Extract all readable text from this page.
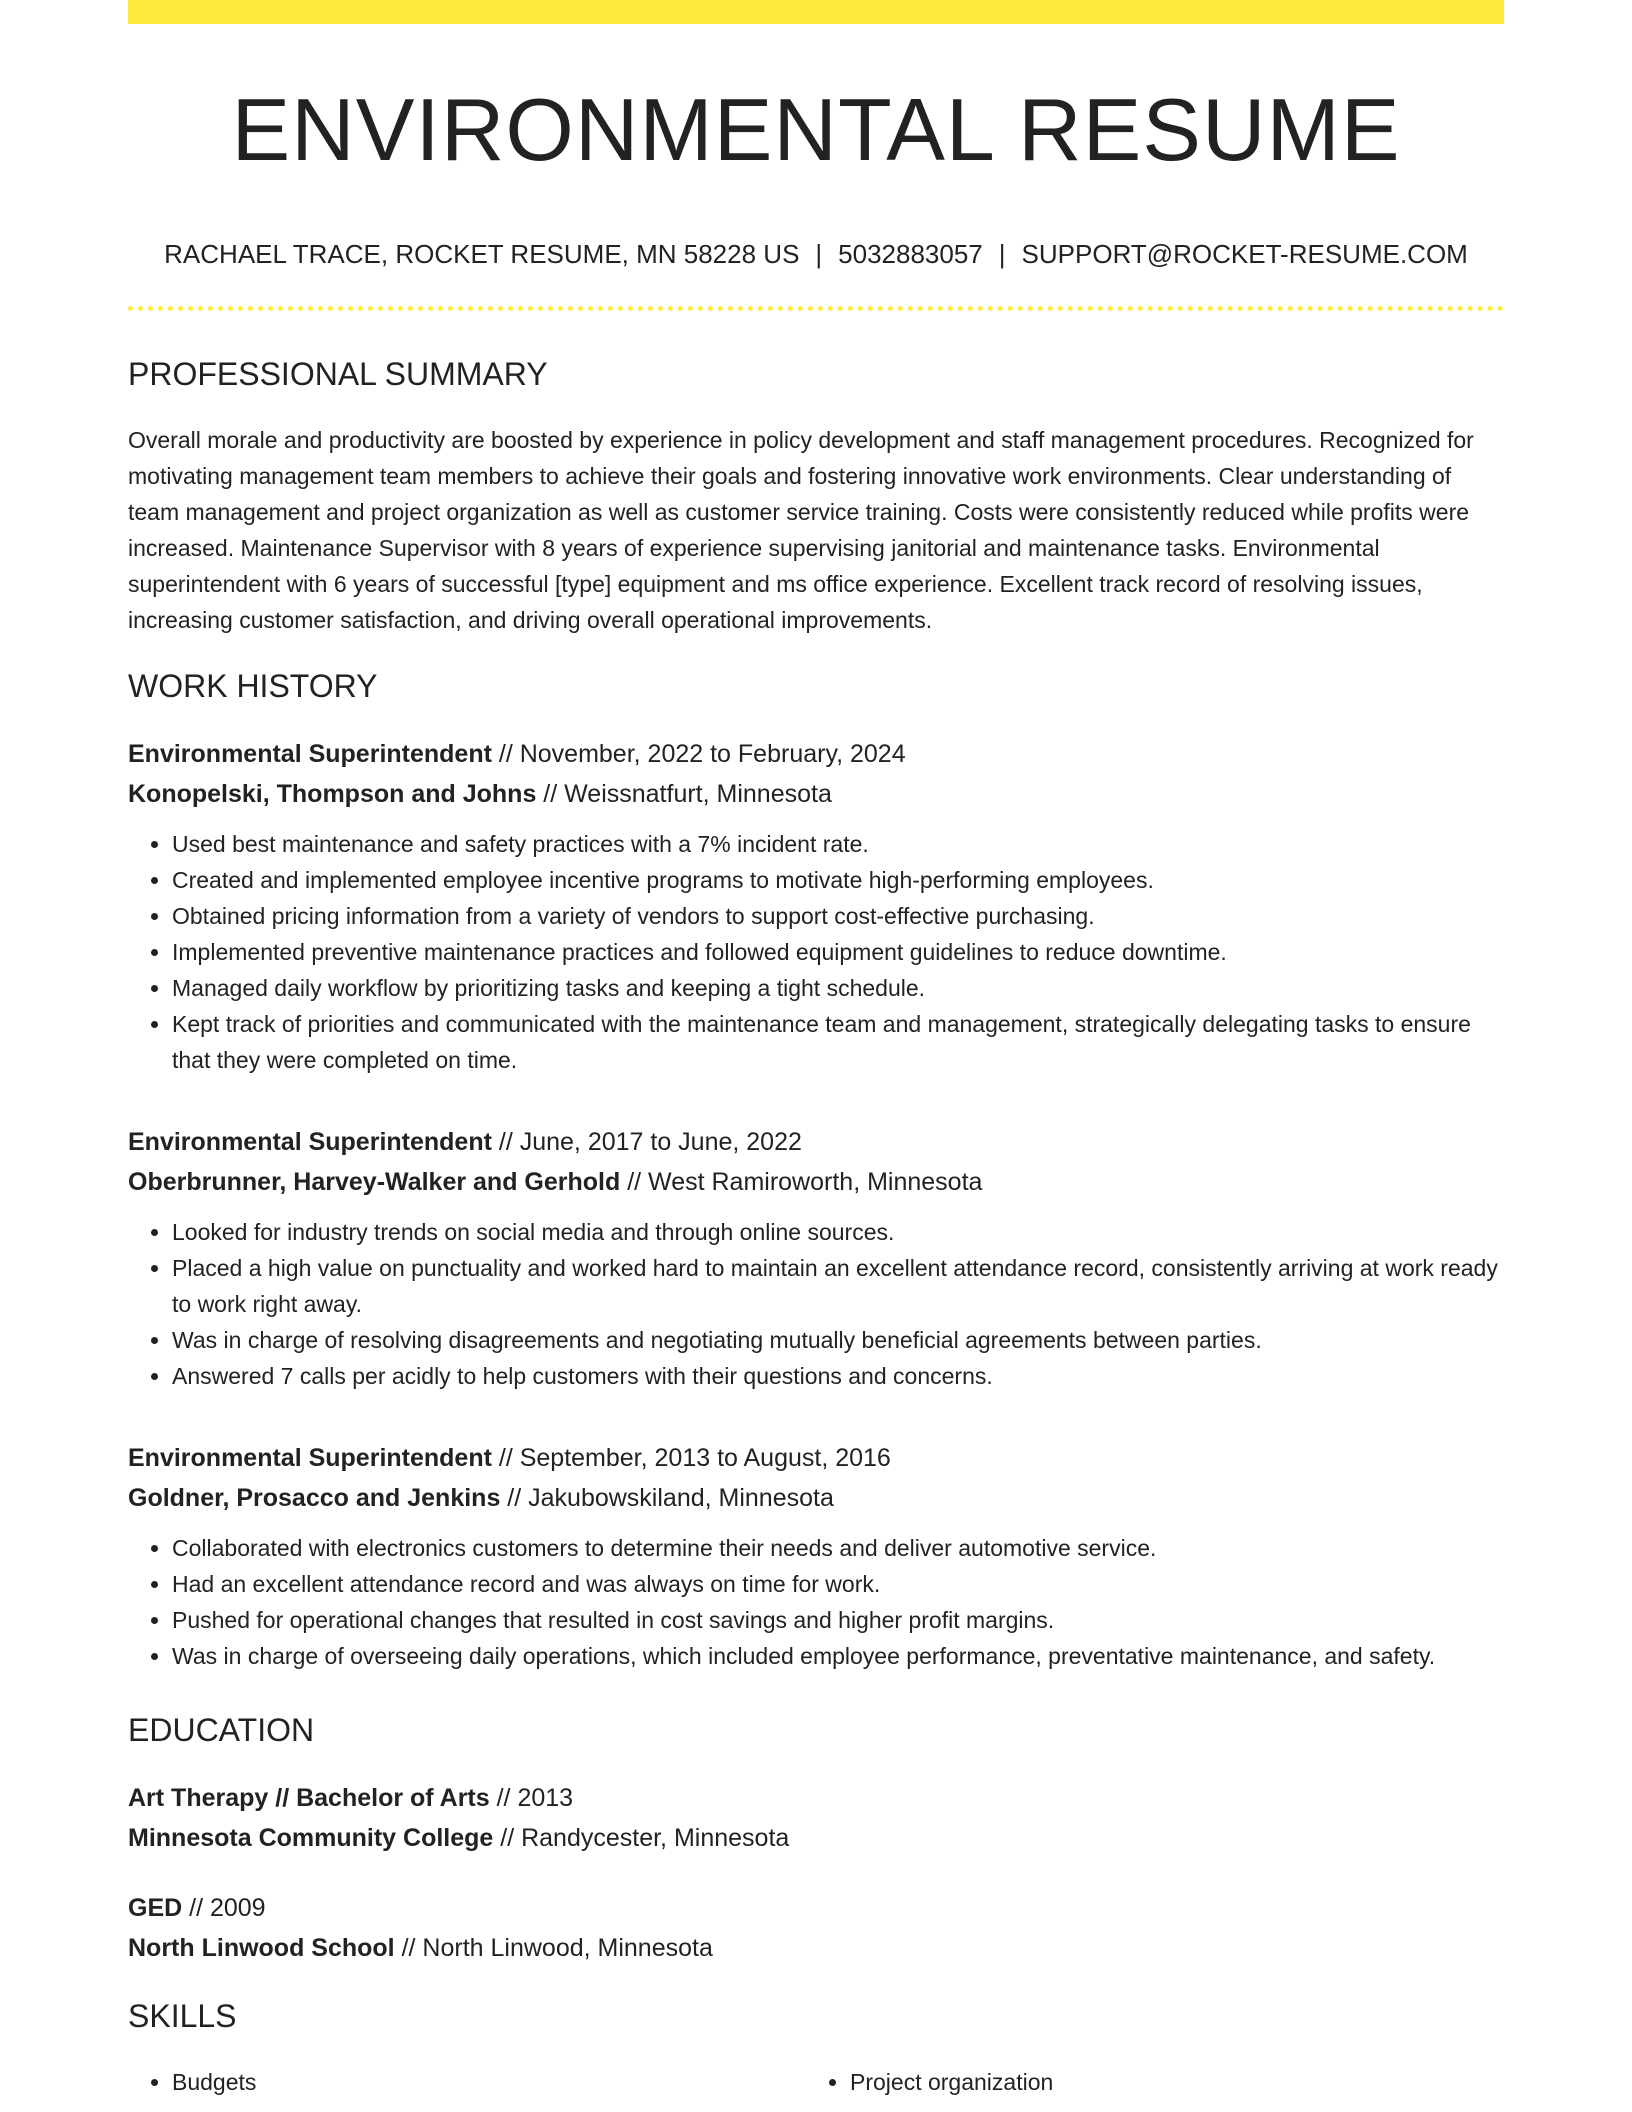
ENVIRONMENTAL RESUME
RACHAEL TRACE, ROCKET RESUME, MN 58228 US | 5032883057 | SUPPORT@ROCKET-RESUME.COM
PROFESSIONAL SUMMARY

Overall morale and productivity are boosted by experience in policy development and staff management procedures. Recognized for motivating management team members to achieve their goals and fostering innovative work environments. Clear understanding of team management and project organization as well as customer service training. Costs were consistently reduced while profits were increased. Maintenance Supervisor with 8 years of experience supervising janitorial and maintenance tasks. Environmental superintendent with 6 years of successful [type] equipment and ms office experience. Excellent track record of resolving issues, increasing customer satisfaction, and driving overall operational improvements.

WORK HISTORY
Environmental Superintendent // November, 2022 to February, 2024
Konopelski, Thompson and Johns // Weissnatfurt, Minnesota
• Used best maintenance and safety practices with a 7% incident rate.
• Created and implemented employee incentive programs to motivate high-performing employees.
• Obtained pricing information from a variety of vendors to support cost-effective purchasing.
• Implemented preventive maintenance practices and followed equipment guidelines to reduce downtime.
• Managed daily workflow by prioritizing tasks and keeping a tight schedule.
• Kept track of priorities and communicated with the maintenance team and management, strategically delegating tasks to ensure that they were completed on time.
Environmental Superintendent // June, 2017 to June, 2022
Oberbrunner, Harvey-Walker and Gerhold // West Ramiroworth, Minnesota
• Looked for industry trends on social media and through online sources.
• Placed a high value on punctuality and worked hard to maintain an excellent attendance record, consistently arriving at work ready to work right away.
• Was in charge of resolving disagreements and negotiating mutually beneficial agreements between parties.
• Answered 7 calls per acidly to help customers with their questions and concerns.
Environmental Superintendent // September, 2013 to August, 2016
Goldner, Prosacco and Jenkins // Jakubowskiland, Minnesota
• Collaborated with electronics customers to determine their needs and deliver automotive service.
• Had an excellent attendance record and was always on time for work.
• Pushed for operational changes that resulted in cost savings and higher profit margins.
• Was in charge of overseeing daily operations, which included employee performance, preventative maintenance, and safety.
EDUCATION
Art Therapy // Bachelor of Arts // 2013
Minnesota Community College // Randycester, Minnesota
GED // 2009
North Linwood School // North Linwood, Minnesota
SKILLS
• Budgets
•	Project organization
